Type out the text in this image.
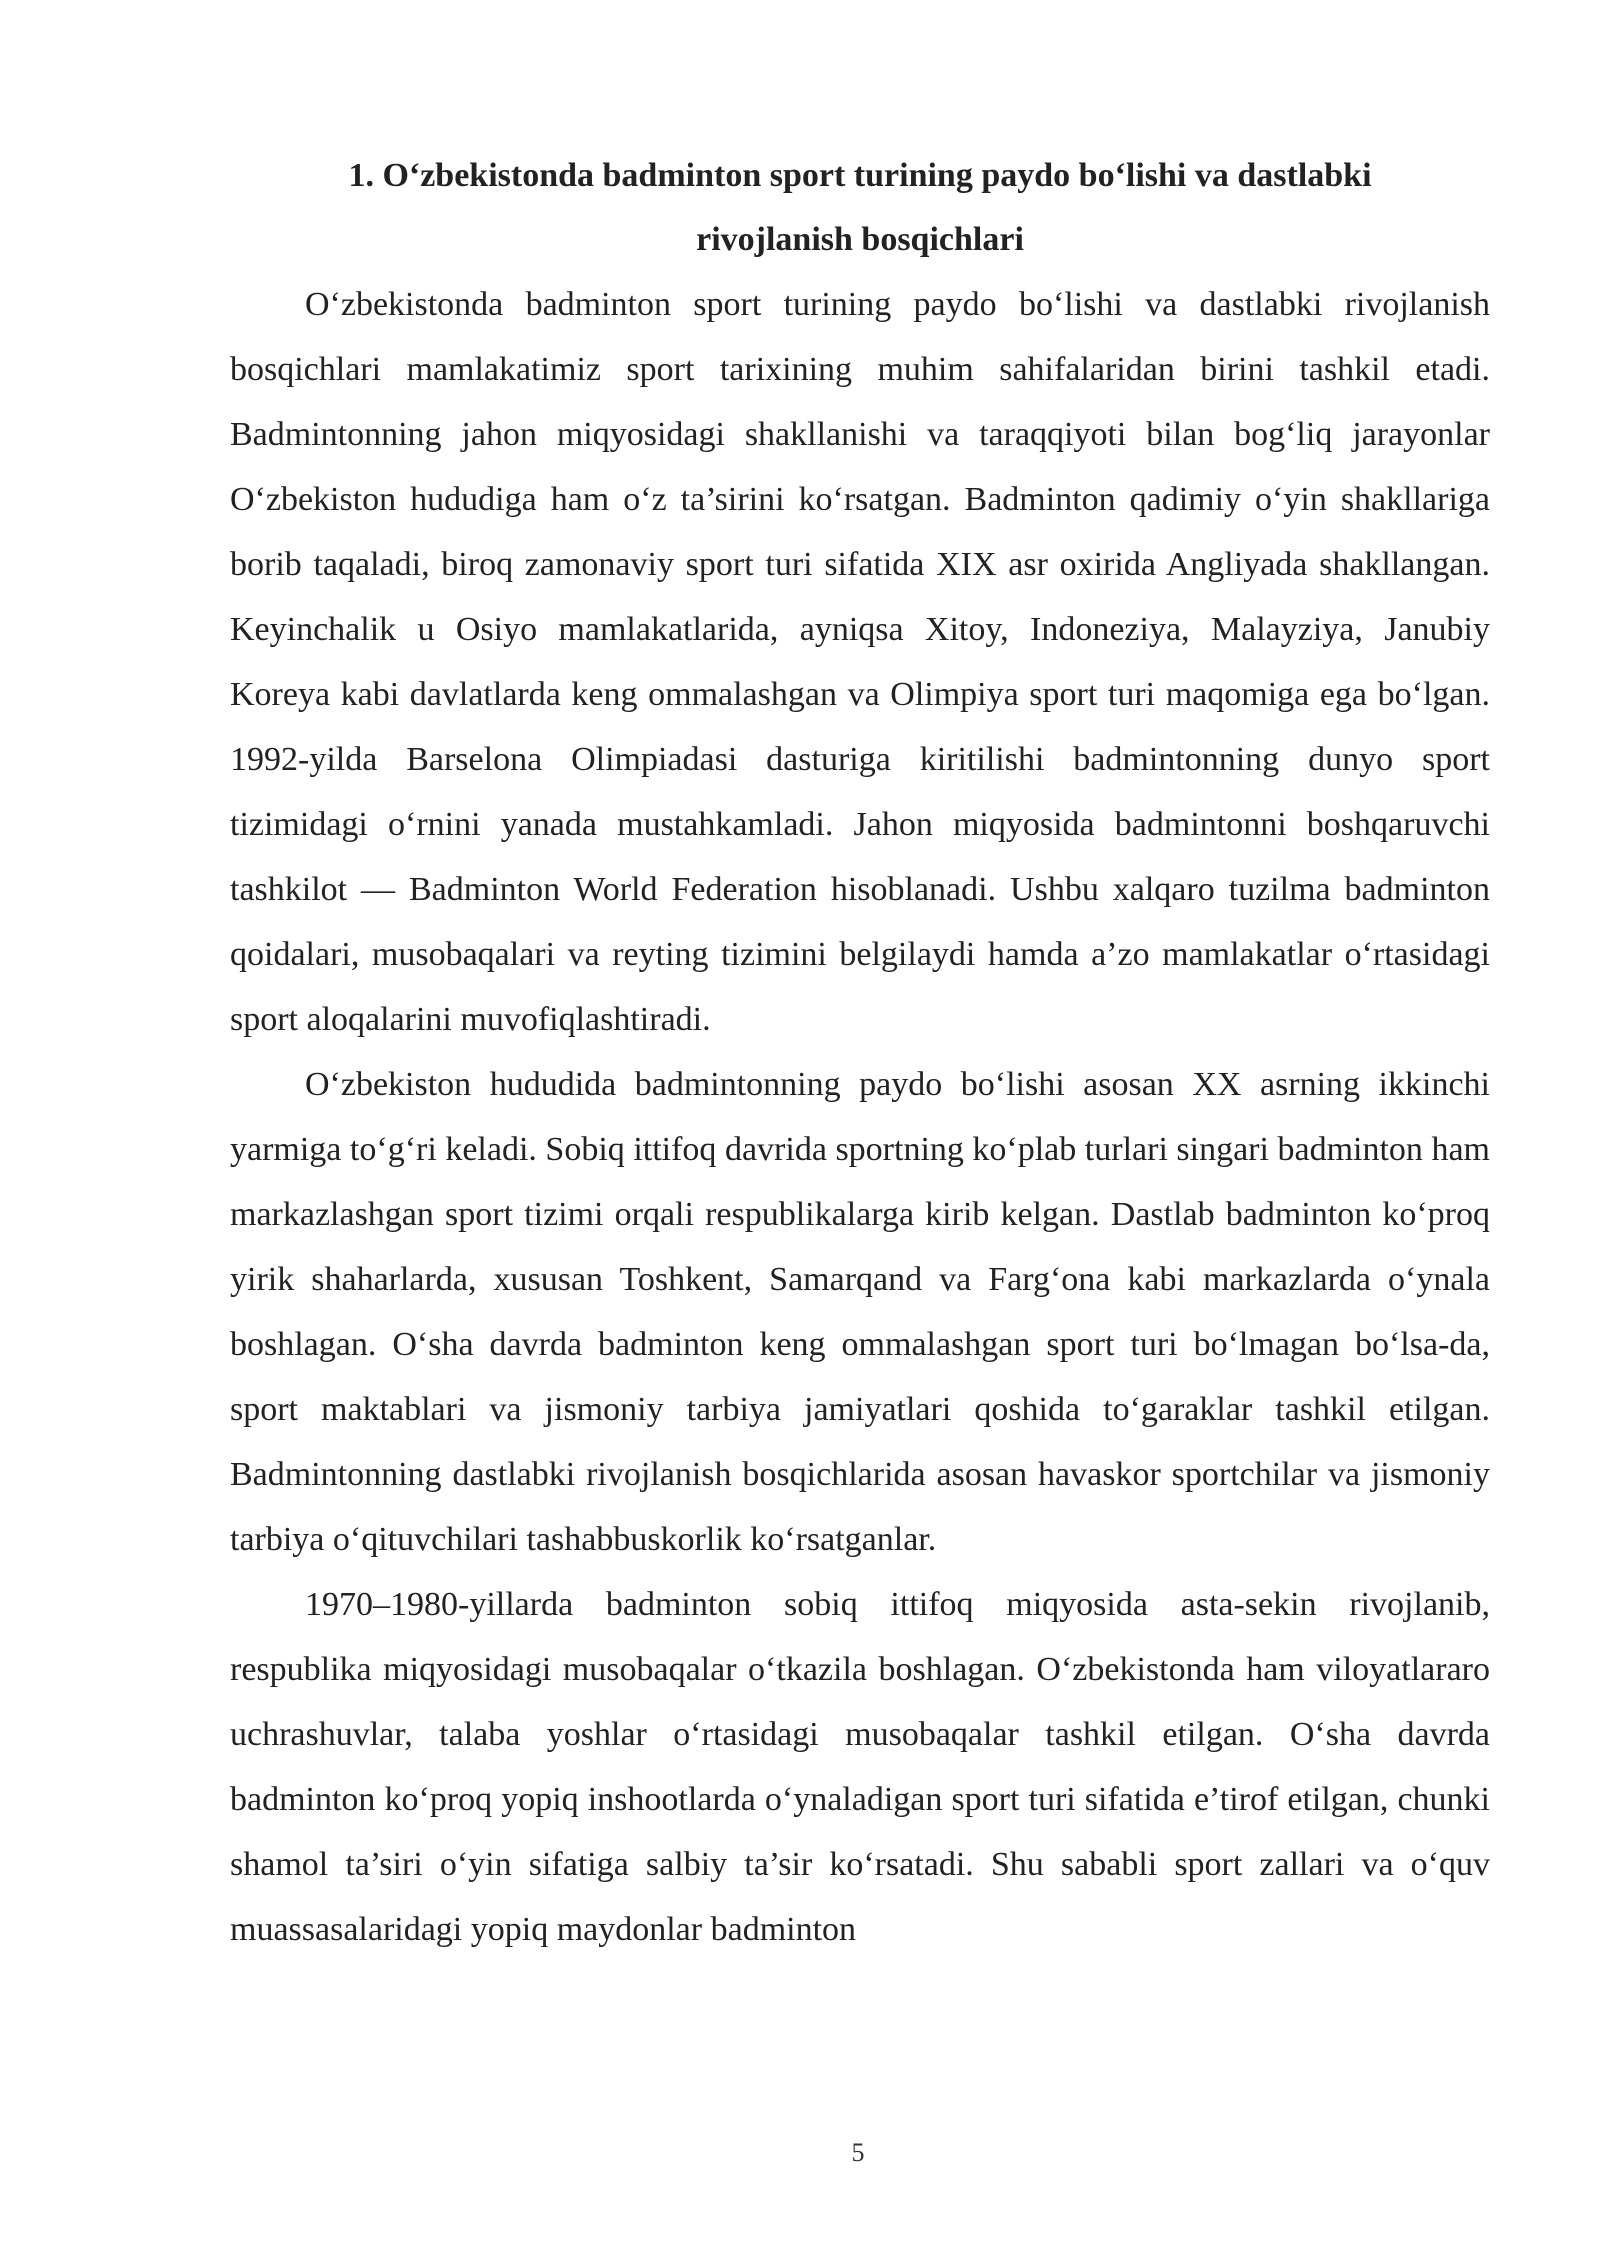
1. O‘zbekistonda badminton sport turining paydo bo‘lishi va dastlabki
rivojlanish bosqichlari

O‘zbekistonda badminton sport turining paydo bo‘lishi va dastlabki rivojlanish bosqichlari mamlakatimiz sport tarixining muhim sahifalaridan birini tashkil etadi. Badmintonning jahon miqyosidagi shakllanishi va taraqqiyoti bilan bog‘liq jarayonlar O‘zbekiston hududiga ham o‘z ta’sirini ko‘rsatgan. Badminton qadimiy o‘yin shakllariga borib taqaladi, biroq zamonaviy sport turi sifatida XIX asr oxirida Angliyada shakllangan. Keyinchalik u Osiyo mamlakatlarida, ayniqsa Xitoy, Indoneziya, Malayziya, Janubiy Koreya kabi davlatlarda keng ommalashgan va Olimpiya sport turi maqomiga ega bo‘lgan. 1992-yilda Barselona Olimpiadasi dasturiga kiritilishi badmintonning dunyo sport tizimidagi o‘rnini yanada mustahkamladi. Jahon miqyosida badmintonni boshqaruvchi tashkilot — Badminton World Federation hisoblanadi. Ushbu xalqaro tuzilma badminton qoidalari, musobaqalari va reyting tizimini belgilaydi hamda a’zo mamlakatlar o‘rtasidagi sport aloqalarini muvofiqlashtiradi.

O‘zbekiston hududida badmintonning paydo bo‘lishi asosan XX asrning ikkinchi yarmiga to‘g‘ri keladi. Sobiq ittifoq davrida sportning ko‘plab turlari singari badminton ham markazlashgan sport tizimi orqali respublikalarga kirib kelgan. Dastlab badminton ko‘proq yirik shaharlarda, xususan Toshkent, Samarqand va Farg‘ona kabi markazlarda o‘ynala boshlagan. O‘sha davrda badminton keng ommalashgan sport turi bo‘lmagan bo‘lsa-da, sport maktablari va jismoniy tarbiya jamiyatlari qoshida to‘garaklar tashkil etilgan. Badmintonning dastlabki rivojlanish bosqichlarida asosan havaskor sportchilar va jismoniy tarbiya o‘qituvchilari tashabbuskorlik ko‘rsatganlar.

1970–1980-yillarda badminton sobiq ittifoq miqyosida asta-sekin rivojlanib, respublika miqyosidagi musobaqalar o‘tkazila boshlagan. O‘zbekistonda ham viloyatlararo uchrashuvlar, talaba yoshlar o‘rtasidagi musobaqalar tashkil etilgan. O‘sha davrda badminton ko‘proq yopiq inshootlarda o‘ynaladigan sport turi sifatida e’tirof etilgan, chunki shamol ta’siri o‘yin sifatiga salbiy ta’sir ko‘rsatadi. Shu sababli sport zallari va o‘quv muassasalaridagi yopiq maydonlar badminton

5
